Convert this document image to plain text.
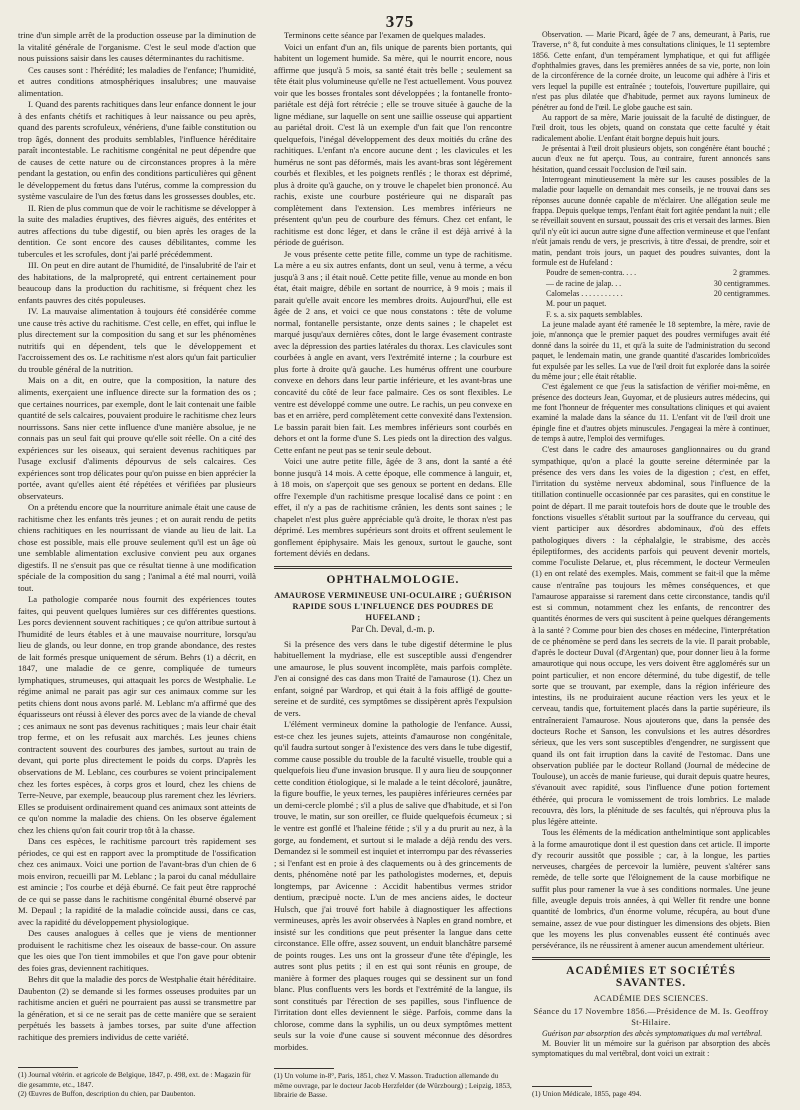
375

trine d'un simple arrêt de la production osseuse par la diminution de la vitalité générale de l'organisme. C'est le seul mode d'action que nous puissions saisir dans les causes déterminantes du rachitisme.

Ces causes sont : l'hérédité; les maladies de l'enfance; l'humidité, et autres conditions atmosphériques insalubres; une mauvaise alimentation.

I. Quand des parents rachitiques dans leur enfance donnent le jour à des enfants chétifs et rachitiques à leur naissance ou peu après, quand des parents scrofuleux, vénériens, d'une faible constitution ou trop âgés, donnent des produits semblables, l'influence héréditaire paraît incontestable. Le rachitisme congénital ne peut dépendre que de causes de cette nature ou de circonstances propres à la mère pendant la gestation, ou enfin des conditions particulières qui gênent le développement du fœtus dans l'utérus, comme la compression du système vasculaire de l'un des fœtus dans les grossesses doubles, etc.

II. Rien de plus commun que de voir le rachitisme se développer à la suite des maladies éruptives, des fièvres aiguës, des entérites et autres affections du tube digestif, ou bien après les orages de la dentition. Ce sont encore des causes débilitantes, comme les tubercules et les scrofules, dont j'ai parlé précédemment.

III. On peut en dire autant de l'humidité, de l'insalubrité de l'air et des habitations, de la malpropreté, qui entrent certainement pour beaucoup dans la production du rachitisme, si fréquent chez les enfants pauvres des cités populeuses.

IV. La mauvaise alimentation à toujours été considérée comme une cause très active du rachitisme. C'est celle, en effet, qui influe le plus directement sur la composition du sang et sur les phénomènes nutritifs qui en dépendent, tels que le développement et l'accroissement des os. Le rachitisme n'est alors qu'un fait particulier du trouble général de la nutrition.

Mais on a dit, en outre, que la composition, la nature des aliments, exerçaient une influence directe sur la formation des os ; que certaines nourrices, par exemple, dont le lait contenait une faible quantité de sels calcaires, pouvaient produire le rachitisme chez leurs nourrissons. Sans nier cette influence d'une manière absolue, je ne connais pas un seul fait qui prouve qu'elle soit réelle. On a cité des expériences sur les oiseaux, qui seraient devenus rachitiques par l'usage exclusif d'aliments dépourvus de sels calcaires. Ces expériences sont trop délicates pour qu'on puisse en bien apprécier la portée, avant qu'elles aient été répétées et vérifiées par plusieurs observateurs.

On a prétendu encore que la nourriture animale était une cause de rachitisme chez les enfants très jeunes ; et on aurait rendu de petits chiens rachitiques en les nourrissant de viande au lieu de lait. La chose est possible, mais elle prouve seulement qu'il est un âge où une semblable alimentation exclusive convient peu aux organes digestifs. Il ne s'ensuit pas que ce résultat tienne à une modification spéciale de la composition du sang ; l'animal a été mal nourri, voilà tout.

La pathologie comparée nous fournit des expériences toutes faites, qui peuvent quelques lumières sur ces différentes questions. Les porcs deviennent souvent rachitiques ; ce qu'on attribue surtout à l'humidité de leurs étables et à une mauvaise nourriture, lorsqu'au lieu de glands, ou leur donne, en trop grande abondance, des restes de lait formés presque uniquement de sérum. Behrs (1) a décrit, en 1847, une maladie de ce genre, compliquée de tumeurs lymphatiques, strumeuses, qui attaquait les porcs de Westphalie. Le régime animal ne parait pas agir sur ces animaux comme sur les petits chiens dont nous avons parlé. M. Leblanc m'a affirmé que des équarisseurs ont réussi à élever des porcs avec de la viande de cheval ; ces animaux ne sont pas devenus rachitiques ; mais leur chair était trop ferme, et on les refusait aux marchés. Les jeunes chiens contractent souvent des courbures des jambes, surtout au train de devant, qui porte plus directement le poids du corps. D'après les observations de M. Leblanc, ces courbures se voient principalement chez les fortes espèces, à corps gros et lourd, chez les chiens de Terre-Neuve, par exemple, beaucoup plus rarement chez les lévriers. Elles se produisent ordinairement quand ces animaux sont atteints de ce qu'on nomme la maladie des chiens. On les observe également chez les chiens qu'on fait courir trop tôt à la chasse.

Dans ces espèces, le rachitisme parcourt très rapidement ses périodes, ce qui est en rapport avec la promptitude de l'ossification chez ces animaux. Voici une portion de l'avant-bras d'un chien de 6 mois environ, recueilli par M. Leblanc ; la paroi du canal médullaire est amincie ; l'os courbe et déjà éburné. Ce fait peut être rapproché de ce qui se passe dans le rachitisme congénital éburné observé par M. Depaul ; la rapidité de la maladie coïncide aussi, dans ce cas, avec la rapidité du développement physiologique.

Des causes analogues à celles que je viens de mentionner produisent le rachitisme chez les oiseaux de basse-cour. On assure que les oies que l'on tient immobiles et que l'on gave pour obtenir des foies gras, deviennent rachitiques.

Behrs dit que la maladie des porcs de Westphalie était héréditaire. Daubenton (2) se demande si les formes osseuses produites par un rachitisme ancien et guéri ne pourraient pas aussi se transmettre par la génération, et si ce ne serait pas de cette manière que se seraient perpétués les bassets à jambes torses, par suite d'une affection rachitique des premiers individus de cette variété.

(1) Journal vétérin. et agricole de Belgique, 1847, p. 498, ext. de : Magazin für die gesammte, etc., 1847.
(2) Œuvres de Buffon, description du chien, par Daubenton.

Terminons cette séance par l'examen de quelques malades.

Voici un enfant d'un an, fils unique de parents bien portants, qui habitent un logement humide. Sa mère, qui le nourrit encore, nous affirme que jusqu'à 5 mois, sa santé était très belle ; seulement sa tête était plus volumineuse qu'elle ne l'est actuellement. Vous pouvez voir que les bosses frontales sont développées ; la fontanelle fronto-pariétale est déjà fort rétrécie ; elle se trouve située à gauche de la ligne médiane, sur laquelle on sent une saillie osseuse qui appartient au pariétal droit. C'est là un exemple d'un fait que l'on rencontre quelquefois, l'inégal développement des deux moitiés du crâne des rachitiques. L'enfant n'a encore aucune dent ; les clavicules et les humérus ne sont pas déformés, mais les avant-bras sont légèrement courbés et flexibles, et les poignets renflés ; le thorax est déprimé, plus à droite qu'à gauche, on y trouve le chapelet bien prononcé. Au rachis, existe une courbure postérieure qui ne disparaît pas complètement dans l'extension. Les membres inférieurs ne présentent qu'un peu de courbure des fémurs. Chez cet enfant, le rachitisme est donc léger, et dans le crâne il est déjà arrivé à la période de guérison.

Je vous présente cette petite fille, comme un type de rachitisme. La mère a eu six autres enfants, dont un seul, venu à terme, a vécu jusqu'à 3 ans ; il était nouê. Cette petite fille, venue au monde en bon état, était maigre, débile en sortant de nourrice, à 9 mois ; mais il parait qu'elle avait encore les membres droits. Aujourd'hui, elle est âgée de 2 ans, et voici ce que nous constatons : tête de volume normal, fontanelle persistante, onze dents saines ; le chapelet est marqué jusqu'aux dernières côtes, dont le large évasement contraste avec la dépression des parties latérales du thorax. Les clavicules sont courbées à angle en avant, vers l'extrémité interne ; la courbure est plus forte à droite qu'à gauche. Les humérus offrent une courbure convexe en dehors dans leur partie inférieure, et les avant-bras une concavité du côté de leur face palmaire. Ces os sont flexibles. Le ventre est développé comme une outre. Le rachis, un peu convexe en bas et en arrière, perd complètement cette convexité dans l'extension. Le bassin parait bien fait. Les membres inférieurs sont courbés en dehors et ont la forme d'une S. Les pieds ont la direction des valgus. Cette enfant ne peut pas se tenir seule debout.

Voici une autre petite fille, âgée de 3 ans, dont la santé a été bonne jusqu'à 14 mois. A cette époque, elle commence à languir, et, à 18 mois, on s'aperçoit que ses genoux se portent en dedans. Elle offre l'exemple d'un rachitisme presque localisé dans ce point : en effet, il n'y a pas de rachitisme crânien, les dents sont saines ; le chapelet n'est plus guère appréciable qu'à droite, le thorax n'est pas déprimé. Les membres supérieurs sont droits et offrent seulement le gonflement épiphysaire. Mais les genoux, surtout le gauche, sont fortement déviés en dedans.

OPHTHALMOLOGIE.
AMAUROSE VERMINEUSE UNI-OCULAIRE ; GUÉRISON RAPIDE SOUS L'INFLUENCE DES POUDRES DE HUFELAND ;
Par Ch. Deval, d.-m. p.

Si la présence des vers dans le tube digestif détermine le plus habituellement la mydriase, elle est susceptible aussi d'engendrer une amaurose, le plus souvent incomplète, mais parfois complète. J'en ai consigné des cas dans mon Traité de l'amaurose (1). Chez un enfant, soigné par Wardrop, et qui était à la fois affligé de goutte-sereine et de surdité, ces symptômes se dissipèrent après l'expulsion de vers.

L'élément vermineux domine la pathologie de l'enfance. Aussi, est-ce chez les jeunes sujets, atteints d'amaurose non congénitale, qu'il faudra surtout songer à l'existence des vers dans le tube digestif, comme cause possible du trouble de la faculté visuelle, trouble qui a quelquefois lieu d'une invasion brusque. Il y aura lieu de soupçonner cette condition étiologique, si le malade a le teint décoloré, jaunâtre, la figure bouffie, le yeux ternes, les paupières inférieures cernées par un demi-cercle plombé ; s'il a plus de salive que d'habitude, et si l'on trouve, le matin, sur son oreiller, ce fluide quelquefois écumeux ; si le ventre est gonflé et l'haleine fétide ; s'il y a du prurit au nez, à la gorge, au fondement, et surtout si le malade a déjà rendu des vers. Demandez si le sommeil est inquiet et interrompu par des révasseries ; si l'enfant est en proie à des claquements ou à des grincements de dents, phénomène noté par les pathologistes modernes, et, depuis longtemps, par Avicenne : Accidit habentibus vermes stridor dentium, præcipuè nocte. L'un de mes anciens aides, le docteur Hulsch, que j'ai trouvé fort habile à diagnostiquer les affections vermineuses, après les avoir observées à Naples en grand nombre, et insisté sur les conditions que peut présenter la langue dans cette circonstance. Elle offre, assez souvent, un enduit blanchâtre parsemé de points rouges. Les uns ont la grosseur d'une tête d'épingle, les autres sont plus petits ; il en est qui sont réunis en groupe, de manière à former des plaques rouges qui se dessinent sur un fond blanc. Plus confluents vers les bords et l'extrémité de la langue, ils sont constitués par l'érection de ses papilles, sous l'influence de l'irritation dont elles deviennent le siège. Parfois, comme dans la chlorose, comme dans la syphilis, un ou deux symptômes mettent seuls sur la voie d'une cause si souvent méconnue des désordres morbides.

(1) Un volume in-8°, Paris, 1851, chez V. Masson. Traduction allemande du même ouvrage, par le docteur Jacob Herzfelder (de Würzbourg) ; Leipzig, 1853, librairie de Basse.

Observation. — Marie Picard, âgée de 7 ans, demeurant, à Paris, rue Traverse, n° 8, fut conduite à mes consultations cliniques, le 11 septembre 1856. Cette enfant, d'un tempérament lymphatique, et qui fut affligée d'ophthalmies graves, dans les premières années de sa vie, porte, non loin de la circonférence de la cornée droite, un leucome qui adhère à l'iris et vers lequel la pupille est entraînée ; toutefois, l'ouverture pupillaire, qui n'est pas plus dilatée que d'habitude, permet aux rayons lumineux de pénétrer au fond de l'œil. Le globe gauche est sain.

Au rapport de sa mère, Marie jouissait de la faculté de distinguer, de l'œil droit, tous les objets, quand on constata que cette faculté y était radicalement abolie. L'enfant était borgne depuis huit jours.

Je présentai à l'œil droit plusieurs objets, son congénère étant bouché ; aucun d'eux ne fut aperçu. Tous, au contraire, furent annoncés sans hésitation, quand cessait l'occlusion de l'œil sain.

Interrogeant minutieusement la mère sur les causes possibles de la maladie pour laquelle on demandait mes conseils, je ne trouvai dans ses réponses aucune donnée capable de m'éclairer. Une allégation seule me frappa. Depuis quelque temps, l'enfant était fort agitée pendant la nuit ; elle se réveillait souvent en sursaut, poussait des cris et versait des larmes. Bien qu'il n'y eût ici aucun autre signe d'une affection vermineuse et que l'enfant n'eût jamais rendu de vers, je prescrivis, à titre d'essai, de prendre, soir et matin, pendant trois jours, un paquet des poudres suivantes, dont la formule est de Hufeland :

Poudre de semen-contra. . . .	2 grammes.
— de racine de jalap. . .	30 centigrammes.
Calomelas . . . . . . . . . . .	20 centigrammes.
M. pour un paquet.
F. s. a. six paquets semblables.

La jeune malade ayant été ramenée le 18 septembre, la mère, ravie de joie, m'annonça que le premier paquet des poudres vermifuges avait été donné dans la soirée du 11, et qu'à la suite de l'administration du second paquet, le lendemain matin, une grande quantité d'ascarides lombricoïdes fut expulsée par les selles. La vue de l'œil droit fut explorée dans la soirée du même jour ; elle était rétablie.

C'est également ce que j'eus la satisfaction de vérifier moi-même, en présence des docteurs Jean, Guyomar, et de plusieurs autres médecins, qui me font l'honneur de fréquenter mes consultations cliniques et qui avaient examiné la malade dans la séance du 11. L'enfant vit de l'œil droit une épingle fine et d'autres objets minuscules. J'engageai la mère à continuer, de temps à autre, l'emploi des vermifuges.

C'est dans le cadre des amauroses ganglionnaires ou du grand sympathique, qu'on a placé la goutte sereine déterminée par la présence des vers dans les voies de la digestion ; c'est, en effet, l'irritation du système nerveux abdominal, sous l'influence de la titillation continuelle occasionnée par ces parasites, qui en constitue le point de départ. Il me parait toutefois hors de doute que le trouble des fonctions visuelles s'établit surtout par la souffrance du cerveau, qui vient participer aux désordres abdominaux, d'où des effets pathologiques divers : la céphalalgie, le strabisme, des accès épileptiformes, des accidents parfois qui peuvent devenir mortels, comme l'oculiste Delarue, et, plus récemment, le docteur Vermeulen (1) en ont relaté des exemples. Mais, comment se fait-il que la même cause n'entraîne pas toujours les mêmes conséquences, et que l'amaurose apparaisse si rarement dans cette circonstance, tandis qu'il est si commun, notamment chez les enfants, de rencontrer des quantités énormes de vers qui suscitent à peine quelques dérangements à la santé ? Comme pour bien des choses en médecine, l'interprétation de ce phénomène se perd dans les secrets de la vie. Il parait probable, d'après le docteur Duval (d'Argentan) que, pour donner lieu à la forme amaurotique qui nous occupe, les vers doivent être agglomérés sur un point particulier, et non encore déterminé, du tube digestif, de telle sorte que se trouvant, par exemple, dans la région inférieure des intestins, ils ne produiraient aucune réaction vers les yeux et le cerveau, tandis que, fortuitement placés dans la partie supérieure, ils entraîneraient l'amaurose. Nous ajouterons que, dans la pensée des docteurs Roche et Sanson, les convulsions et les autres désordres sérieux, que les vers sont susceptibles d'engendrer, ne surgissent que quand ils ont fait irruption dans la cavité de l'estomac. Dans une observation publiée par le docteur Rolland (Journal de médecine de Toulouse), un accès de manie furieuse, qui durait depuis quatre heures, s'évanouit avec rapidité, sous l'influence d'une potion fortement éthérée, qui procura le vomissement de trois lombrics. Le malade recouvra, dès lors, la plénitude de ses facultés, qui n'éprouva plus la plus légère atteinte.

Tous les éléments de la médication anthelmintique sont applicables à la forme amaurotique dont il est question dans cet article. Il importe d'y recourir aussitôt que possible ; car, à la longue, les parties nerveuses, chargées de percevoir la lumière, peuvent s'altérer sans remède, de telle sorte que l'éloignement de la cause morbifique ne suffit plus pour ramener la vue à ses conditions normales. Une jeune fille, aveugle depuis trois années, à qui Weller fit rendre une bonne quantité de lombrics, d'un énorme volume, récupéra, au bout d'une semaine, assez de vue pour distinguer les dimensions des objets. Bien que les moyens les plus convenables eussent été continués avec persévérance, ils ne réussirent à amener aucun amendement ultérieur.

ACADÉMIES ET SOCIÉTÉS SAVANTES.
ACADÉMIE DES SCIENCES.
Séance du 17 Novembre 1856.—Présidence de M. Is. Geoffroy St-Hilaire.

Guérison par absorption des abcès symptomatiques du mal vertébral.

M. Bouvier lit un mémoire sur la guérison par absorption des abcès symptomatiques du mal vertébral, dont voici un extrait :

(1) Union Médicale, 1855, page 494.
